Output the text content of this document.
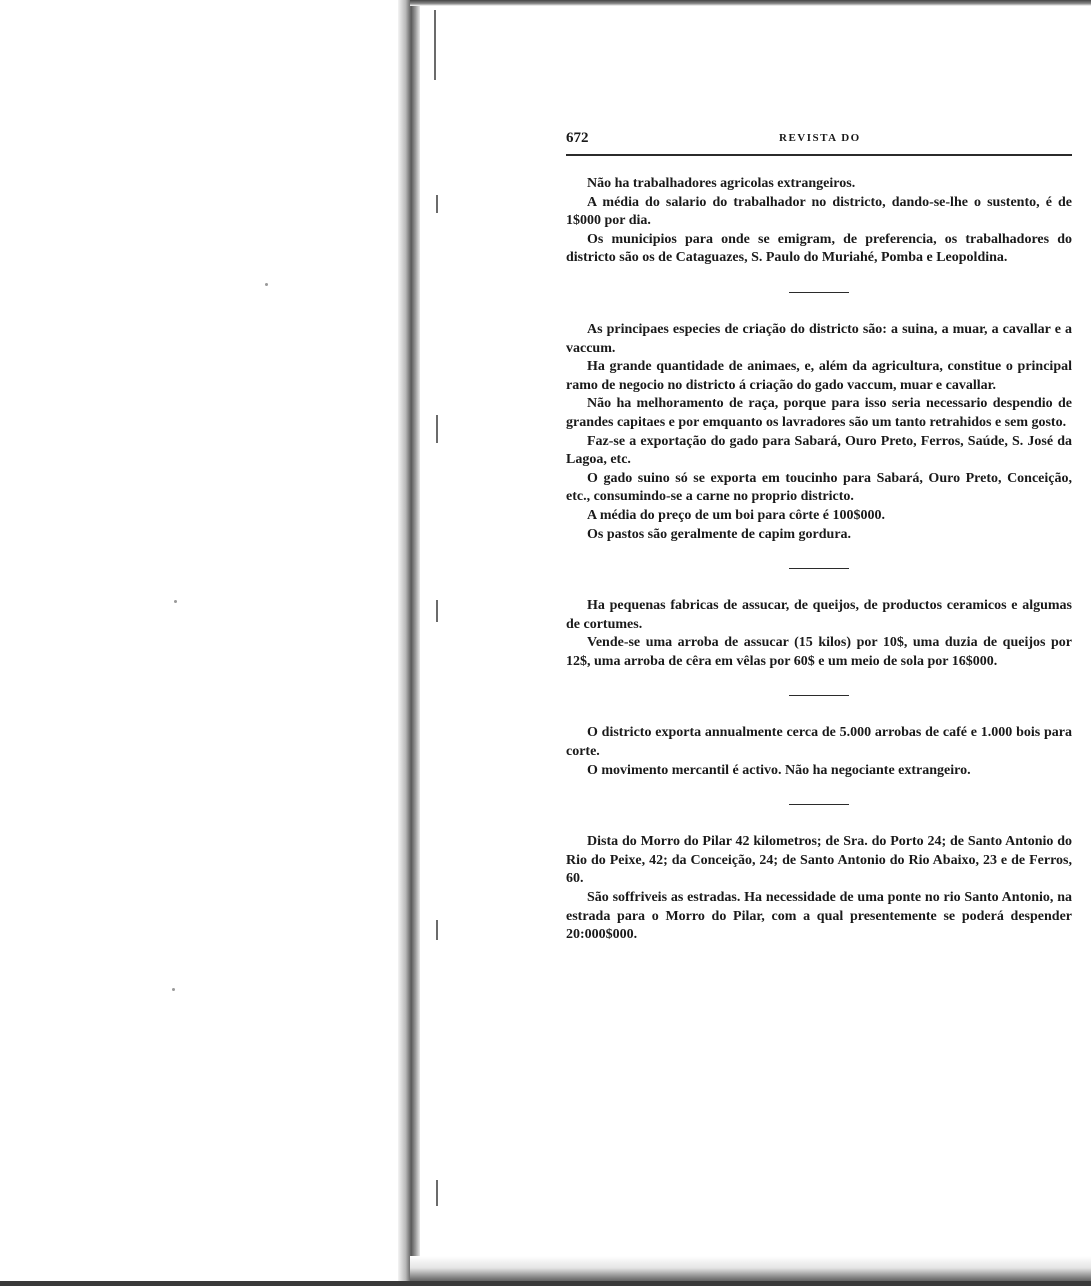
672	REVISTA DO

Não ha trabalhadores agricolas extrangeiros.

A média do salario do trabalhador no districto, dando-se-lhe o sustento, é de 1$000 por dia.

Os municipios para onde se emigram, de preferencia, os trabalhadores do districto são os de Cataguazes, S. Paulo do Muriahé, Pomba e Leopoldina.

As principaes especies de criação do districto são: a suina, a muar, a cavallar e a vaccum.

Ha grande quantidade de animaes, e, além da agricultura, constitue o principal ramo de negocio no districto á criação do gado vaccum, muar e cavallar.

Não ha melhoramento de raça, porque para isso seria necessario despendio de grandes capitaes e por emquanto os lavradores são um tanto retrahidos e sem gosto.

Faz-se a exportação do gado para Sabará, Ouro Preto, Ferros, Saúde, S. José da Lagoa, etc.

O gado suino só se exporta em toucinho para Sabará, Ouro Preto, Conceição, etc., consumindo-se a carne no proprio districto.

A média do preço de um boi para côrte é 100$000.

Os pastos são geralmente de capim gordura.

Ha pequenas fabricas de assucar, de queijos, de productos ceramicos e algumas de cortumes.

Vende-se uma arroba de assucar (15 kilos) por 10$, uma duzia de queijos por 12$, uma arroba de cêra em vêlas por 60$ e um meio de sola por 16$000.

O districto exporta annualmente cerca de 5.000 arrobas de café e 1.000 bois para corte.

O movimento mercantil é activo. Não ha negociante extrangeiro.

Dista do Morro do Pilar 42 kilometros; de Sra. do Porto 24; de Santo Antonio do Rio do Peixe, 42; da Conceição, 24; de Santo Antonio do Rio Abaixo, 23 e de Ferros, 60.

São soffriveis as estradas. Ha necessidade de uma ponte no rio Santo Antonio, na estrada para o Morro do Pilar, com a qual presentemente se poderá despender 20:000$000.
